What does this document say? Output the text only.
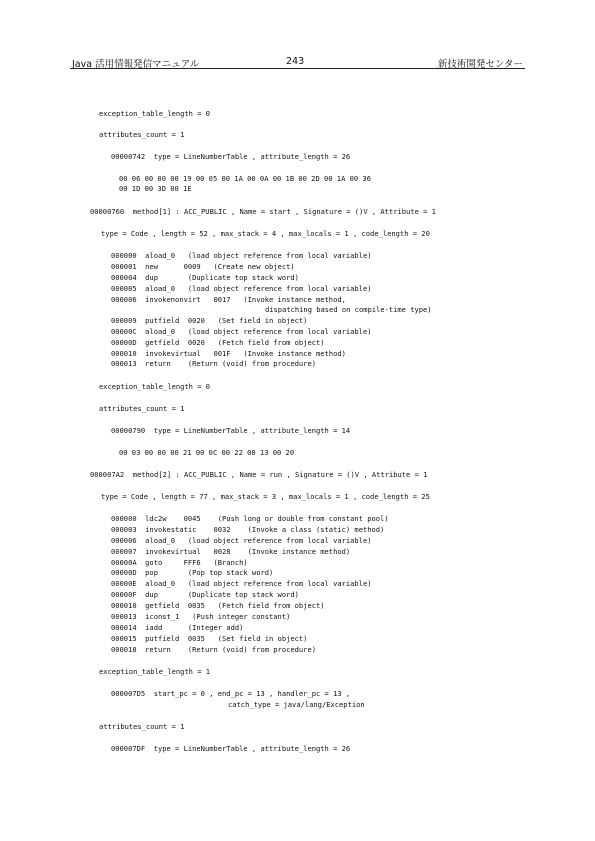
Java 活用情報発信マニュアル	243	新技術開発センター
exception_table_length = 0
attributes_count = 1
00000742  type = LineNumberTable , attribute_length = 26
00 06 00 00 00 19 00 05 00 1A 00 0A 00 1B 00 2D 00 1A 00 36
00 1D 00 3D 00 1E
00000760  method[1] : ACC_PUBLIC , Name = start , Signature = ()V , Attribute = 1
type = Code , length = 52 , max_stack = 4 , max_locals = 1 , code_length = 20
000000  aload_0   (load object reference from local variable)
000001  new      0009   (Create new object)
000004  dup       (Duplicate top stack word)
000005  aload_0   (load object reference from local variable)
000006  invokenonvirt   0017   (Invoke instance method,
dispatching based on compile-time type)
000009  putfield  0020   (Set field in object)
00000C  aload_0   (load object reference from local variable)
00000D  getfield  0020   (Fetch field from object)
000010  invokevirtual   001F   (Invoke instance method)
000013  return    (Return (void) from procedure)
exception_table_length = 0
attributes_count = 1
00000790  type = LineNumberTable , attribute_length = 14
00 03 00 00 00 21 00 0C 00 22 00 13 00 20
000007A2  method[2] : ACC_PUBLIC , Name = run , Signature = ()V , Attribute = 1
type = Code , length = 77 , max_stack = 3 , max_locals = 1 , code_length = 25
000000  ldc2w    0045    (Push long or double from constant pool)
000003  invokestatic    0032    (Invoke a class (static) method)
000006  aload_0   (load object reference from local variable)
000007  invokevirtual   0028    (Invoke instance method)
00000A  goto     FFF6   (Branch)
00000D  pop       (Pop top stack word)
00000E  aload_0   (load object reference from local variable)
00000F  dup       (Duplicate top stack word)
000010  getfield  0035   (Fetch field from object)
000013  iconst_1   (Push integer constant)
000014  iadd      (Integer add)
000015  putfield  0035   (Set field in object)
000018  return    (Return (void) from procedure)
exception_table_length = 1
000007D5  start_pc = 0 , end_pc = 13 , handler_pc = 13 ,
catch_type = java/lang/Exception
attributes_count = 1
000007DF  type = LineNumberTable , attribute_length = 26
